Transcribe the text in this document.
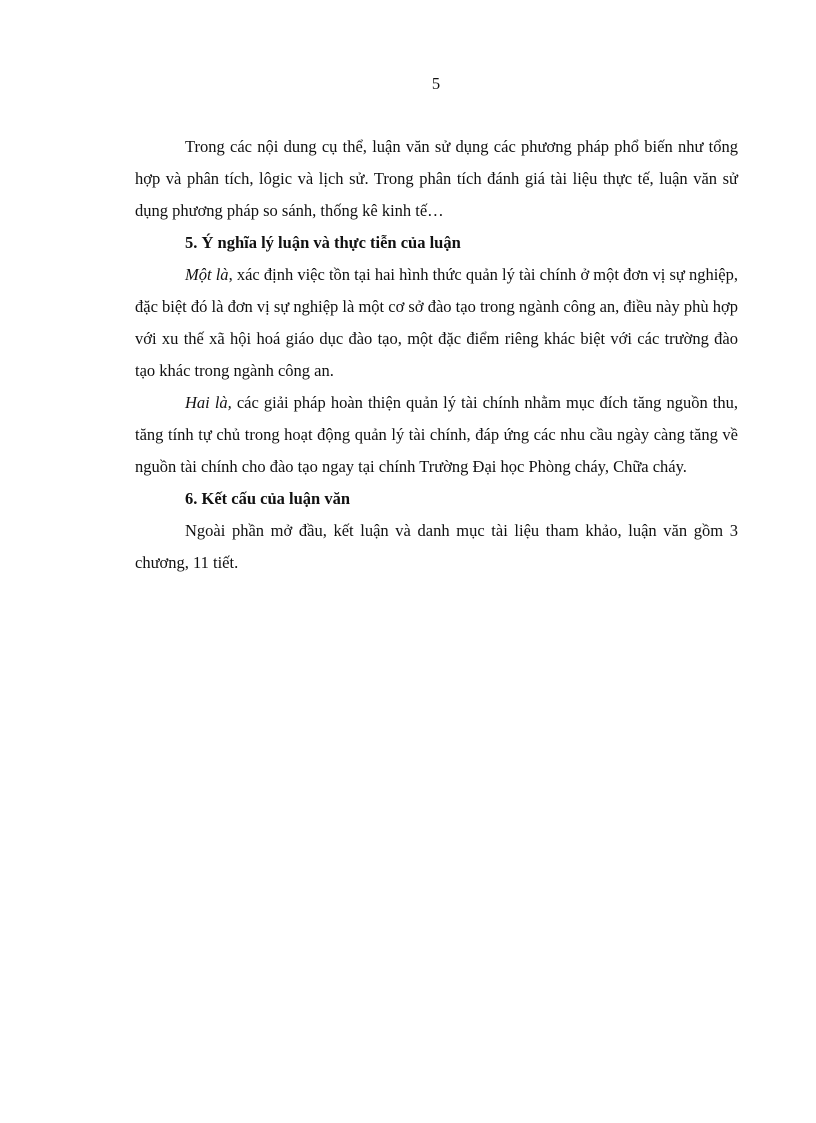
5

Trong các nội dung cụ thể, luận văn sử dụng các phương pháp phổ biến như tổng hợp và phân tích, lôgic và lịch sử. Trong phân tích đánh giá tài liệu thực tế, luận văn sử dụng phương pháp so sánh, thống kê kinh tế…

5. Ý nghĩa lý luận và thực tiễn của luận

Một là, xác định việc tồn tại hai hình thức quản lý tài chính ở một đơn vị sự nghiệp, đặc biệt đó là đơn vị sự nghiệp là một cơ sở đào tạo trong ngành công an, điều này phù hợp với xu thế xã hội hoá giáo dục đào tạo, một đặc điểm riêng khác biệt với các trường đào tạo khác trong ngành công an.

Hai là, các giải pháp hoàn thiện quản lý tài chính nhằm mục đích tăng nguồn thu, tăng tính tự chủ trong hoạt động quản lý tài chính, đáp ứng các nhu cầu ngày càng tăng về nguồn tài chính cho đào tạo ngay tại chính Trường Đại học Phòng cháy, Chữa cháy.

6. Kết cấu của luận văn

Ngoài phần mở đầu, kết luận và danh mục tài liệu tham khảo, luận văn gồm 3 chương, 11 tiết.
